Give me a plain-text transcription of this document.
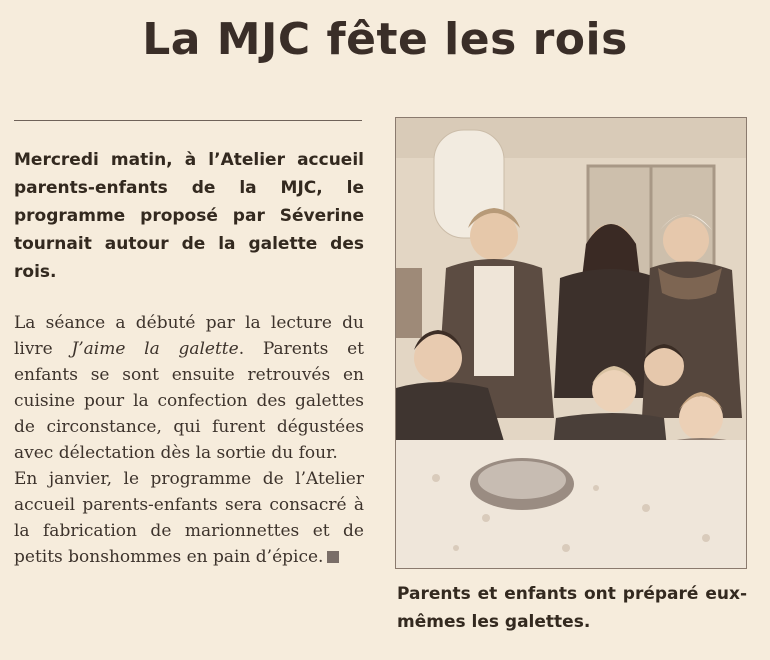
La MJC fête les rois

Mercredi matin, à l’Atelier accueil parents-enfants de la MJC, le programme proposé par Séverine tournait autour de la galette des rois.

La séance a débuté par la lecture du livre J’aime la galette. Parents et enfants se sont ensuite retrouvés en cuisine pour la confection des galettes de circonstance, qui furent dégustées avec délectation dès la sortie du four.

En janvier, le programme de l’Atelier accueil parents-enfants sera consacré à la fabrication de marionnettes et de petits bonshommes en pain d’épice.

Parents et enfants ont préparé eux-mêmes les galettes.
